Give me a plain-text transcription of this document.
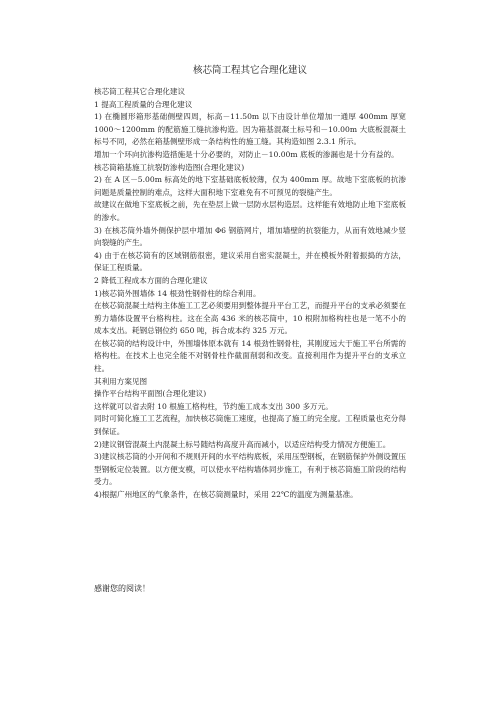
核芯筒工程其它合理化建议

核芯筒工程其它合理化建议

1 提高工程质量的合理化建议

1) 在椭圆形箱形基础侧壁四周，标高－11.50m 以下由设计单位增加一通厚 400mm 厚宽 1000～1200mm 的配筋施工缝抗渗构造。因为箱基混凝土标号和－10.00m 大底板混凝土标号不同，必然在箱基侧壁形成一条结构性的施工缝。其构造如图 2.3.1 所示。

增加一个环向抗渗构造措施是十分必要的，对防止－10.00m 底板的渗漏也是十分有益的。

核芯筒箱基施工抗裂防渗构造图(合理化建议)

2) 在 A 区－5.00m 标高处的地下室基础底板较薄，仅为 400mm 厚。故地下室底板的抗渗问题是质量控制的难点，这样大面积地下室难免有不可预见的裂缝产生。

故建议在做地下室底板之前，先在垫层上做一层防水层构造层。这样能有效地防止地下室底板的渗水。

3) 在核芯筒外墙外侧保护层中增加 Φ6 钢筋网片，增加墙壁的抗裂能力，从而有效地减少竖向裂缝的产生。

4) 由于在核芯筒有的区域钢筋很密，建议采用自密实混凝土，并在模板外附着振捣的方法，保证工程质量。

2 降低工程成本方面的合理化建议

1)核芯筒外围墙体 14 根劲性钢骨柱的综合利用。

在核芯筒混凝土结构主体施工工艺必须要用到整体提升平台工艺，而提升平台的支承必须要在剪力墙体设置平台格构柱。这在全高 436 米的核芯筒中，10 根附加格构柱也是一笔不小的成本支出。耗钢总钢位约 650 吨，拆合成本约 325 万元。

在核芯筒的结构设计中，外围墙体原本就有 14 根劲性钢骨柱，其刚度远大于施工平台所需的格构柱。在技术上也完全能不对钢骨柱作截面削弱和改变。直接利用作为提升平台的支承立柱。

其利用方案见图

操作平台结构平面图(合理化建议)

这样就可以省去附 10 根施工格构柱，节约施工成本支出 300 多万元。

同时可简化施工工艺流程，加快核芯筒施工速度，也提高了施工的完全度。工程质量也充分得到保证。

2)建议钢管混凝土内混凝土标号随结构高度升高而减小，以适应结构受力情况方便施工。

3)建议核芯筒的小开间和不规则开间的水平结构底板，采用压型钢板，在钢筋保护外侧设置压型钢板定位装置。以方便支模，可以使水平结构墙体同步施工，有利于核芯筒施工阶段的结构受力。

4)根据广州地区的气象条件，在核芯筒测量时，采用 22℃的温度为测量基准。

感谢您的阅读！
